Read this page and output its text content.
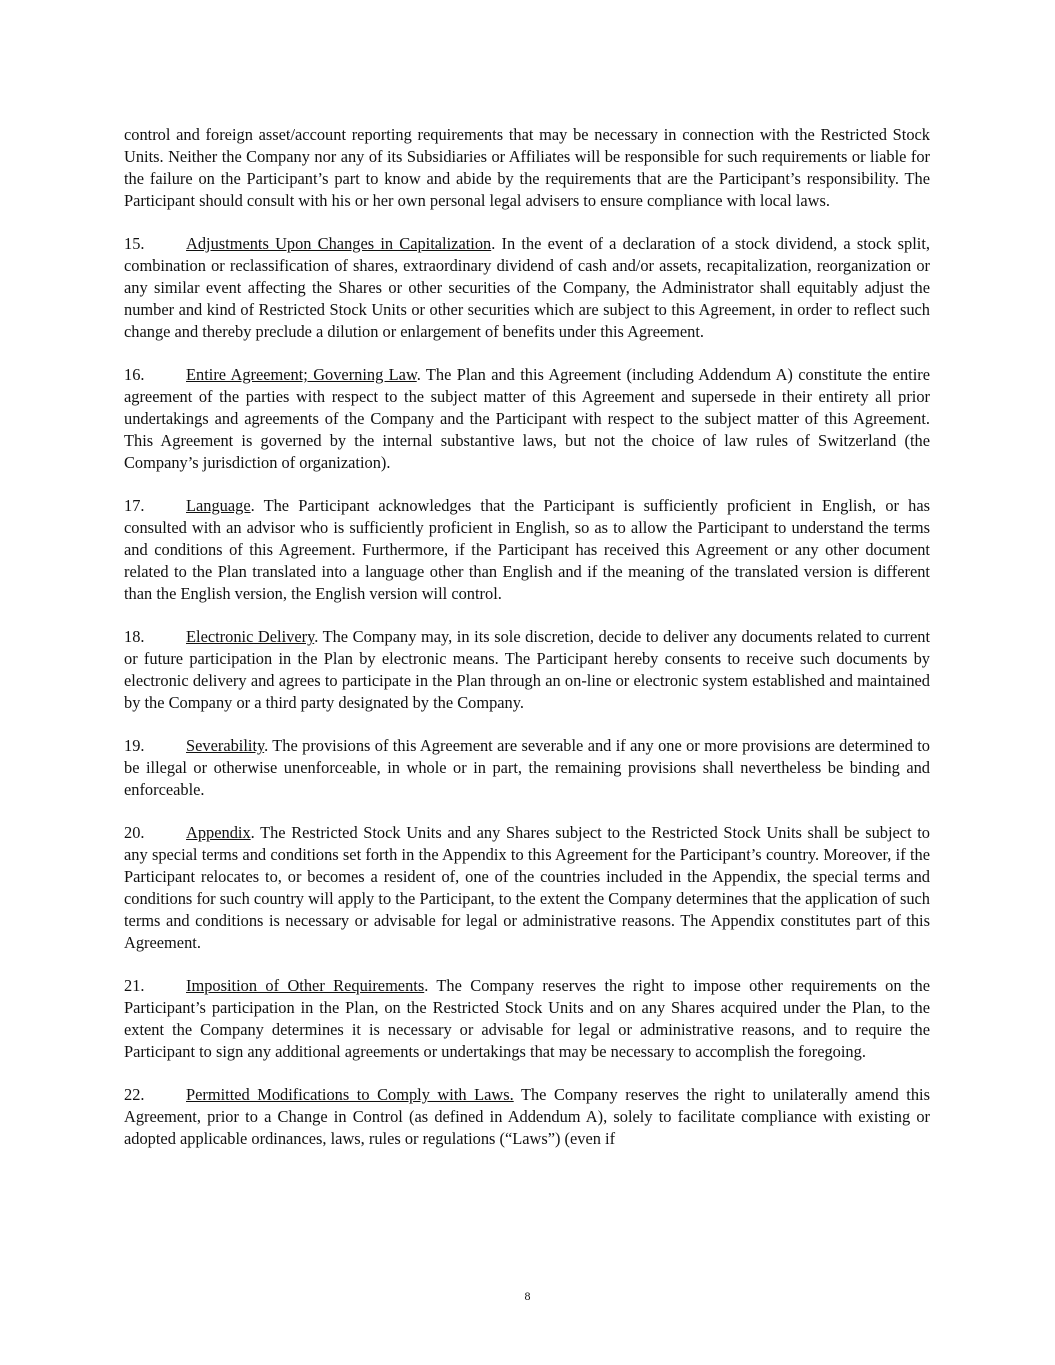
control and foreign asset/account reporting requirements that may be necessary in connection with the Restricted Stock Units. Neither the Company nor any of its Subsidiaries or Affiliates will be responsible for such requirements or liable for the failure on the Participant’s part to know and abide by the requirements that are the Participant’s responsibility. The Participant should consult with his or her own personal legal advisers to ensure compliance with local laws.

15.	Adjustments Upon Changes in Capitalization. In the event of a declaration of a stock dividend, a stock split, combination or reclassification of shares, extraordinary dividend of cash and/or assets, recapitalization, reorganization or any similar event affecting the Shares or other securities of the Company, the Administrator shall equitably adjust the number and kind of Restricted Stock Units or other securities which are subject to this Agreement, in order to reflect such change and thereby preclude a dilution or enlargement of benefits under this Agreement.

16.	Entire Agreement; Governing Law. The Plan and this Agreement (including Addendum A) constitute the entire agreement of the parties with respect to the subject matter of this Agreement and supersede in their entirety all prior undertakings and agreements of the Company and the Participant with respect to the subject matter of this Agreement. This Agreement is governed by the internal substantive laws, but not the choice of law rules of Switzerland (the Company’s jurisdiction of organization).

17.	Language. The Participant acknowledges that the Participant is sufficiently proficient in English, or has consulted with an advisor who is sufficiently proficient in English, so as to allow the Participant to understand the terms and conditions of this Agreement. Furthermore, if the Participant has received this Agreement or any other document related to the Plan translated into a language other than English and if the meaning of the translated version is different than the English version, the English version will control.

18.	Electronic Delivery. The Company may, in its sole discretion, decide to deliver any documents related to current or future participation in the Plan by electronic means. The Participant hereby consents to receive such documents by electronic delivery and agrees to participate in the Plan through an on-line or electronic system established and maintained by the Company or a third party designated by the Company.

19.	Severability. The provisions of this Agreement are severable and if any one or more provisions are determined to be illegal or otherwise unenforceable, in whole or in part, the remaining provisions shall nevertheless be binding and enforceable.

20.	Appendix. The Restricted Stock Units and any Shares subject to the Restricted Stock Units shall be subject to any special terms and conditions set forth in the Appendix to this Agreement for the Participant’s country. Moreover, if the Participant relocates to, or becomes a resident of, one of the countries included in the Appendix, the special terms and conditions for such country will apply to the Participant, to the extent the Company determines that the application of such terms and conditions is necessary or advisable for legal or administrative reasons. The Appendix constitutes part of this Agreement.

21.	Imposition of Other Requirements. The Company reserves the right to impose other requirements on the Participant’s participation in the Plan, on the Restricted Stock Units and on any Shares acquired under the Plan, to the extent the Company determines it is necessary or advisable for legal or administrative reasons, and to require the Participant to sign any additional agreements or undertakings that may be necessary to accomplish the foregoing.

22.	Permitted Modifications to Comply with Laws. The Company reserves the right to unilaterally amend this Agreement, prior to a Change in Control (as defined in Addendum A), solely to facilitate compliance with existing or adopted applicable ordinances, laws, rules or regulations (“Laws”) (even if

8
